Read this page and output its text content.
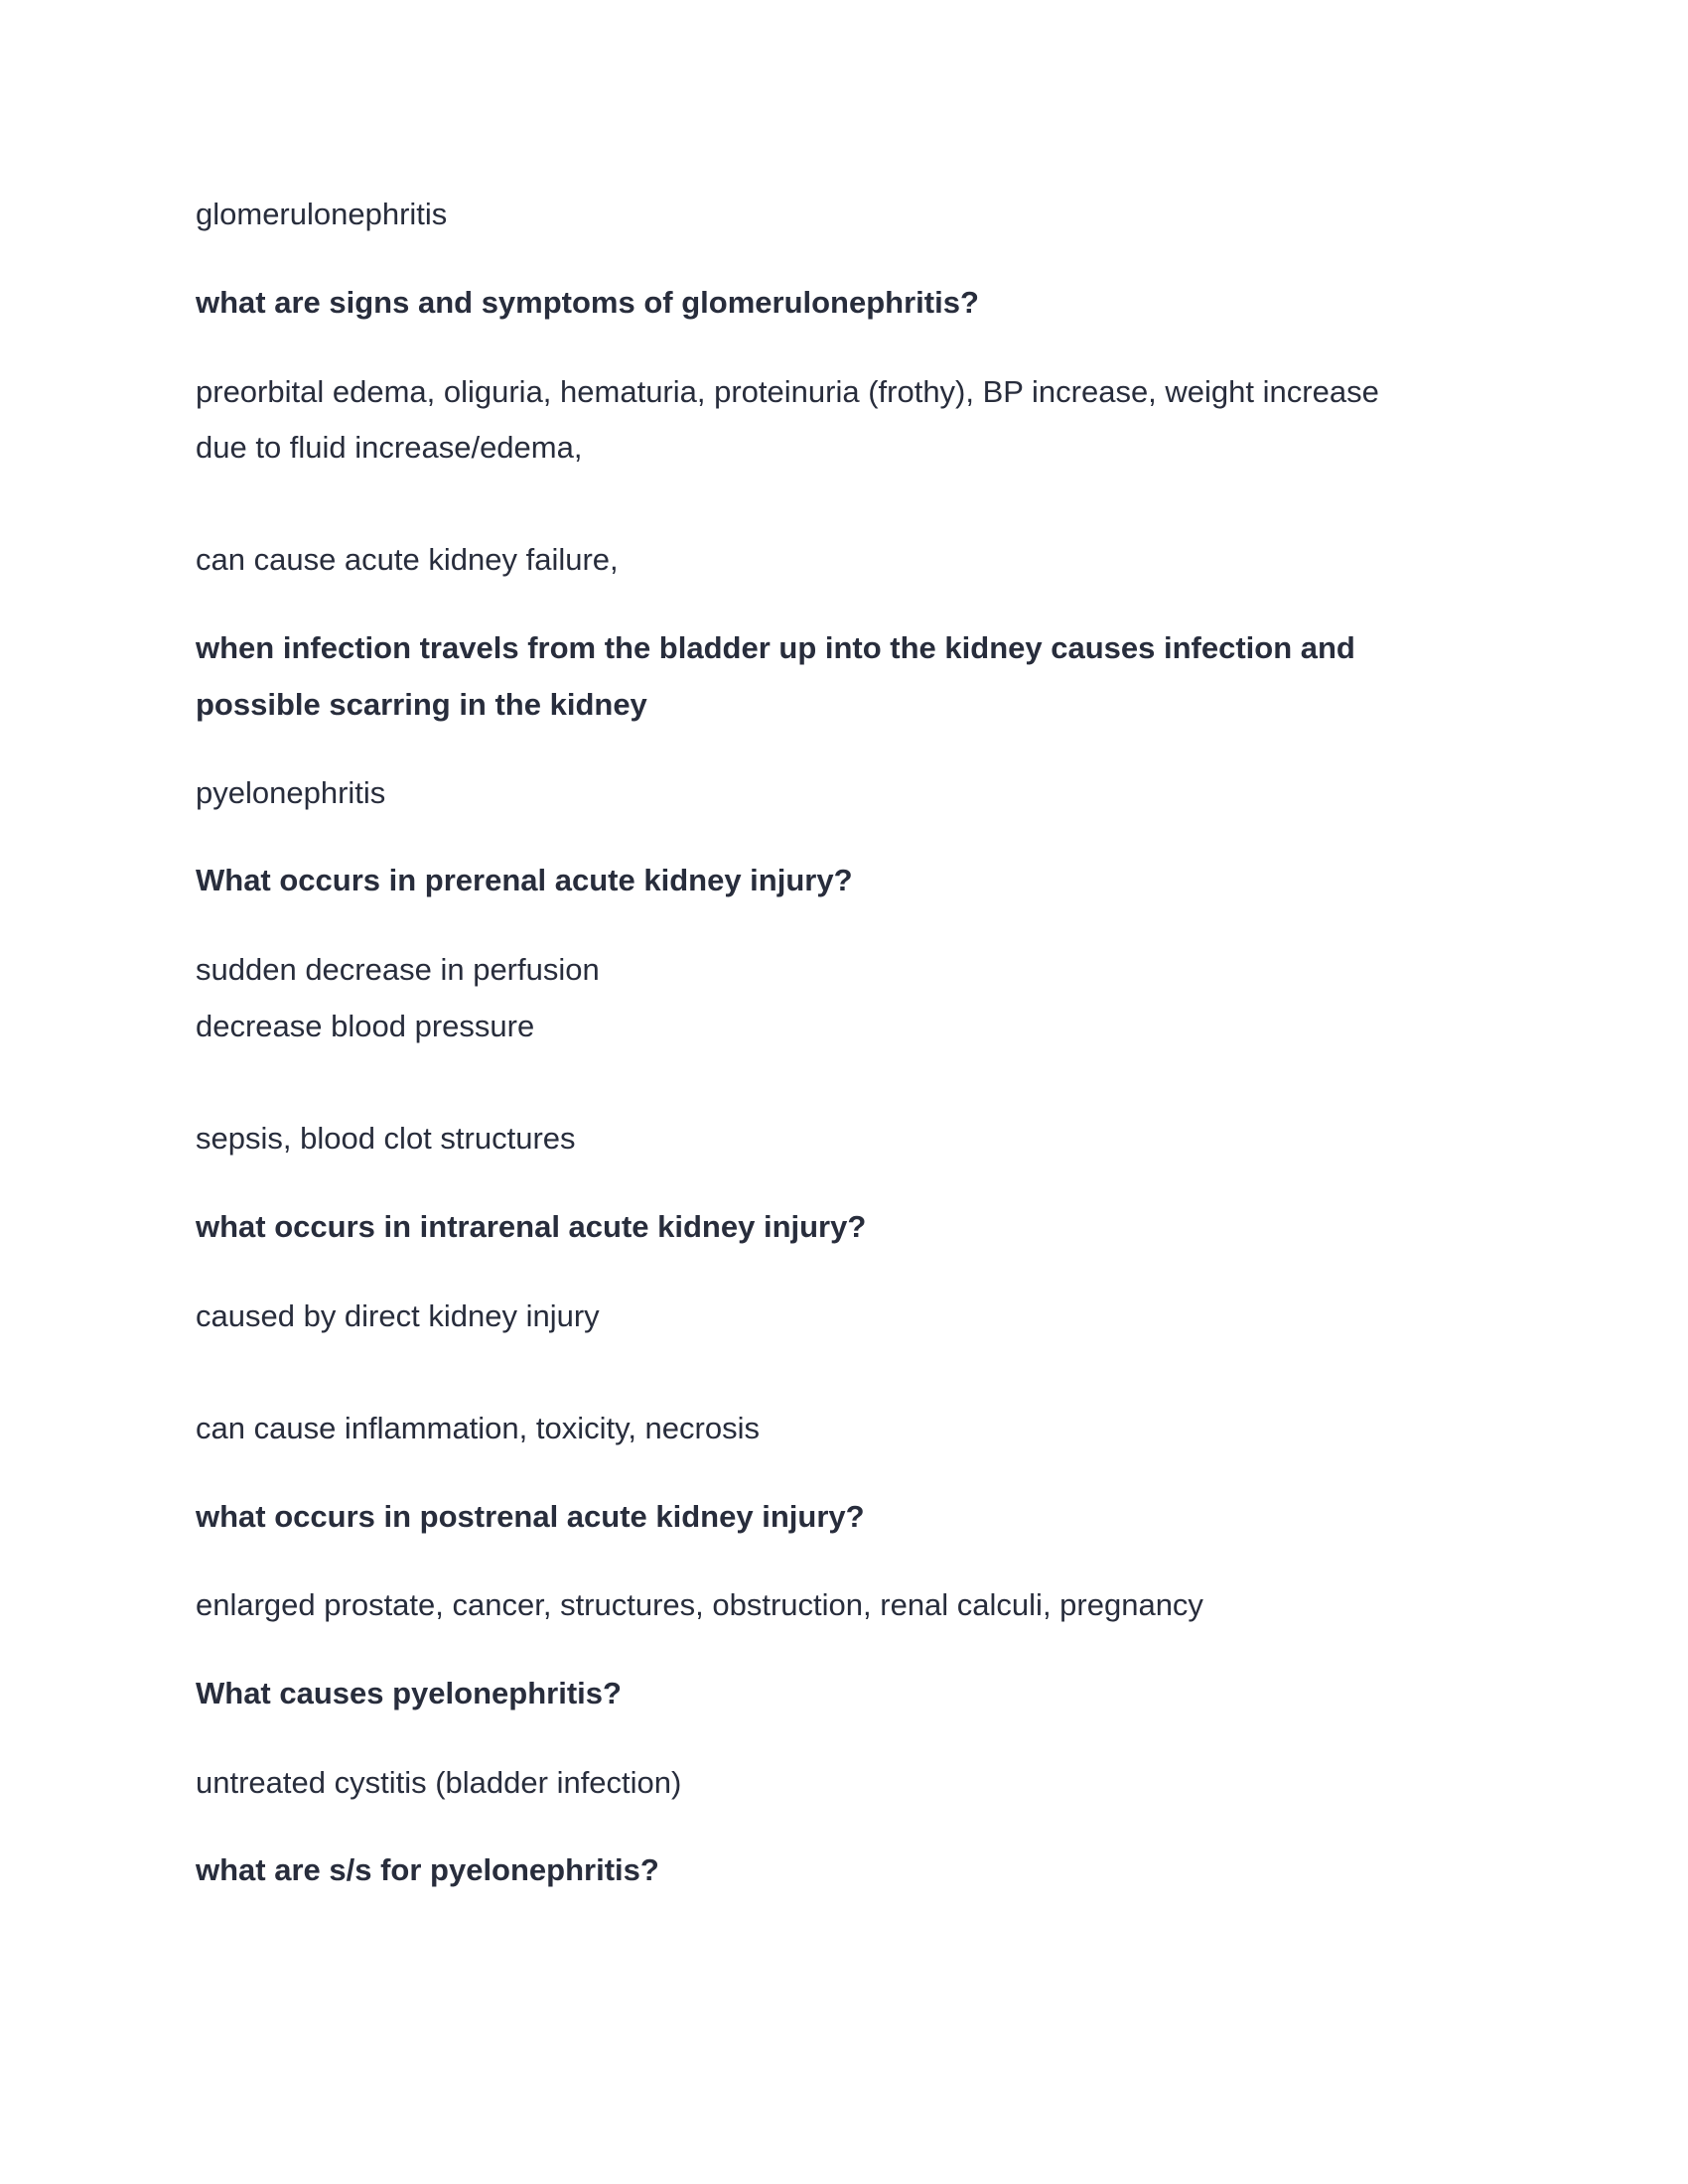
glomerulonephritis
what are signs and symptoms of glomerulonephritis?
preorbital edema, oliguria, hematuria, proteinuria (frothy), BP increase, weight increase
due to fluid increase/edema,
can cause acute kidney failure,
when infection travels from the bladder up into the kidney causes infection and
possible scarring in the kidney
pyelonephritis
What occurs in prerenal acute kidney injury?
sudden decrease in perfusion
decrease blood pressure
sepsis, blood clot structures
what occurs in intrarenal acute kidney injury?
caused by direct kidney injury
can cause inflammation, toxicity, necrosis
what occurs in postrenal acute kidney injury?
enlarged prostate, cancer, structures, obstruction, renal calculi, pregnancy
What causes pyelonephritis?
untreated cystitis (bladder infection)
what are s/s for pyelonephritis?
